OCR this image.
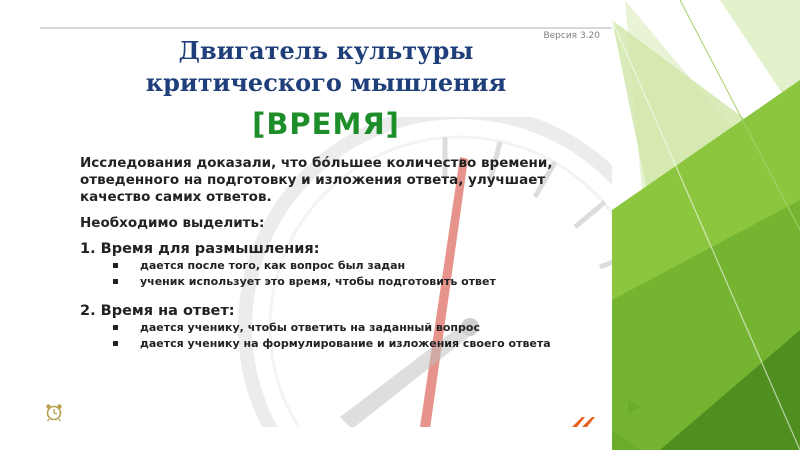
Версия 3.20
Двигатель культуры
критического мышления
[ВРЕМЯ]

Исследования доказали, что бóльшее количество времени, отведенного на подготовку и изложения ответа, улучшает качество самих ответов.

Необходимо выделить:

1. Время для размышления:

дается после того, как вопрос был задан
ученик использует это время, чтобы подготовить ответ

2. Время на ответ:

дается ученику, чтобы ответить на заданный вопрос
дается ученику на формулирование и изложения своего ответа
